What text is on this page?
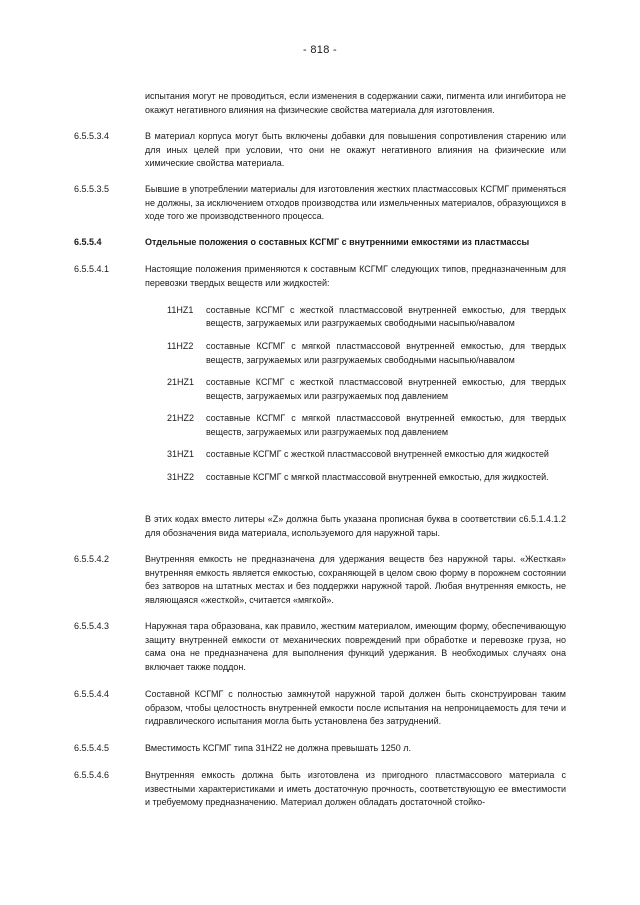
- 818 -
испытания могут не проводиться, если изменения в содержании сажи, пигмента или ингибитора не окажут негативного влияния на физические свойства материала для изготовления.
6.5.5.3.4	В материал корпуса могут быть включены добавки для повышения сопротивления старению или для иных целей при условии, что они не окажут негативного влияния на физические или химические свойства материала.
6.5.5.3.5	Бывшие в употреблении материалы для изготовления жестких пластмассовых КСГМГ применяться не должны, за исключением отходов производства или измельченных материалов, образующихся в ходе того же производственного процесса.
6.5.5.4	Отдельные положения о составных КСГМГ с внутренними емкостями из пластмассы
6.5.5.4.1	Настоящие положения применяются к составным КСГМГ следующих типов, предназначенным для перевозки твердых веществ или жидкостей:
11HZ1	составные КСГМГ с жесткой пластмассовой внутренней емкостью, для твердых веществ, загружаемых или разгружаемых свободными насыпью/навалом
11HZ2	составные КСГМГ с мягкой пластмассовой внутренней емкостью, для твердых веществ, загружаемых или разгружаемых свободными насыпью/навалом
21HZ1	составные КСГМГ с жесткой пластмассовой внутренней емкостью, для твердых веществ, загружаемых или разгружаемых под давлением
21HZ2	составные КСГМГ с мягкой пластмассовой внутренней емкостью, для твердых веществ, загружаемых или разгружаемых под давлением
31HZ1	составные КСГМГ с жесткой пластмассовой внутренней емкостью для жидкостей
31HZ2	составные КСГМГ с мягкой пластмассовой внутренней емкостью, для жидкостей.
В этих кодах вместо литеры «Z» должна быть указана прописная буква в соответствии с6.5.1.4.1.2 для обозначения вида материала, используемого для наружной тары.
6.5.5.4.2	Внутренняя емкость не предназначена для удержания веществ без наружной тары. «Жесткая» внутренняя емкость является емкостью, сохраняющей в целом свою форму в порожнем состоянии без затворов на штатных местах и без поддержки наружной тарой. Любая внутренняя емкость, не являющаяся «жесткой», считается «мягкой».
6.5.5.4.3	Наружная тара образована, как правило, жестким материалом, имеющим форму, обеспечивающую защиту внутренней емкости от механических повреждений при обработке и перевозке груза, но сама она не предназначена для выполнения функций удержания. В необходимых случаях она включает также поддон.
6.5.5.4.4	Составной КСГМГ с полностью замкнутой наружной тарой должен быть сконструирован таким образом, чтобы целостность внутренней емкости после испытания на непроницаемость для течи и гидравлического испытания могла быть установлена без затруднений.
6.5.5.4.5	Вместимость КСГМГ типа 31HZ2 не должна превышать 1250 л.
6.5.5.4.6	Внутренняя емкость должна быть изготовлена из пригодного пластмассового материала с известными характеристиками и иметь достаточную прочность, соответствующую ее вместимости и требуемому предназначению. Материал должен обладать достаточной стойко-
